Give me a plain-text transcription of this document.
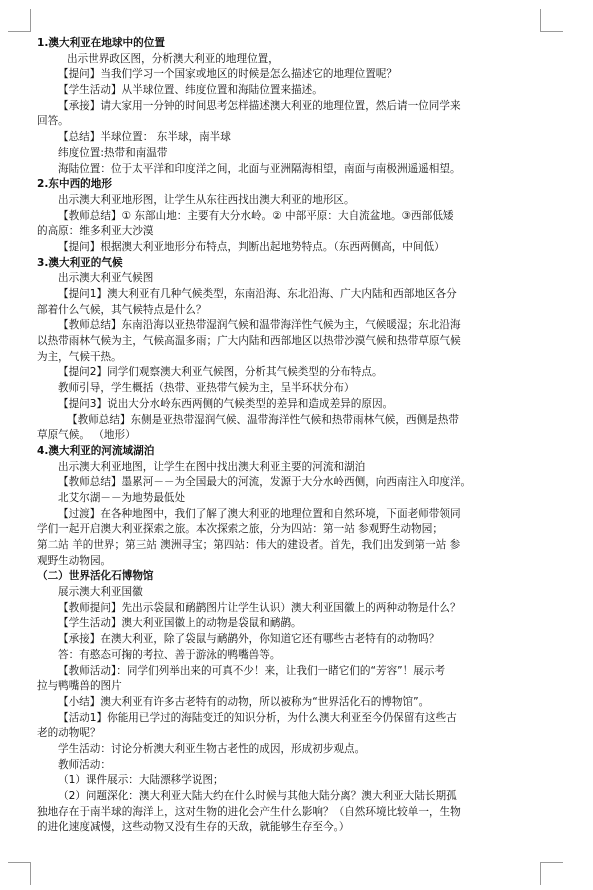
1.澳大利亚在地球中的位置
出示世界政区图，分析澳大利亚的地理位置，
【提问】当我们学习一个国家或地区的时候是怎么描述它的地理位置呢？
【学生活动】从半球位置、纬度位置和海陆位置来描述。
【承接】请大家用一分钟的时间思考怎样描述澳大利亚的地理位置，然后请一位同学来
回答。
【总结】半球位置： 东半球，南半球
纬度位置:热带和南温带
海陆位置：位于太平洋和印度洋之间，北面与亚洲隔海相望，南面与南极洲遥遥相望。
2.东中西的地形
出示澳大利亚地形图，让学生从东往西找出澳大利亚的地形区。
【教师总结】① 东部山地：主要有大分水岭。② 中部平原：大自流盆地。③西部低矮
的高原：维多利亚大沙漠
【提问】根据澳大利亚地形分布特点，判断出起地势特点。（东西两侧高，中间低）
3.澳大利亚的气候
出示澳大利亚气候图
【提问1】澳大利亚有几种气候类型，东南沿海、东北沿海、广大内陆和西部地区各分
部着什么气候，其气候特点是什么？
【教师总结】东南沿海以亚热带湿润气候和温带海洋性气候为主，气候暖湿；东北沿海
以热带雨林气候为主，气候高温多雨；广大内陆和西部地区以热带沙漠气候和热带草原气候
为主，气候干热。
【提问2】同学们观察澳大利亚气候图，分析其气候类型的分布特点。
教师引导，学生概括（热带、亚热带气候为主，呈半环状分布）
【提问3】说出大分水岭东西两侧的气候类型的差异和造成差异的原因。
【教师总结】东侧是亚热带湿润气候、温带海洋性气候和热带雨林气候，西侧是热带
草原气候。 （地形）
4.澳大利亚的河流域湖泊
出示澳大利亚地图，让学生在图中找出澳大利亚主要的河流和湖泊
【教师总结】墨累河－－为全国最大的河流，发源于大分水岭西侧，向西南注入印度洋。
北艾尔湖－－为地势最低处
【过渡】在各种地图中，我们了解了澳大利亚的地理位置和自然环境，下面老师带领同
学们一起开启澳大利亚探索之旅。本次探索之旅，分为四站：第一站 参观野生动物园；
第二站 羊的世界；第三站 澳洲寻宝；第四站：伟大的建设者。首先，我们出发到第一站 参
观野生动物园。
（二）世界活化石博物馆
展示澳大利亚国徽
【教师提问】先出示袋鼠和鸸鹋图片让学生认识）澳大利亚国徽上的两种动物是什么？
【学生活动】澳大利亚国徽上的动物是袋鼠和鸸鹋。
【承接】在澳大利亚，除了袋鼠与鸸鹋外，你知道它还有哪些古老特有的动物吗？
答：有憨态可掬的考拉、善于游泳的鸭嘴兽等。
【教师活动】：同学们列举出来的可真不少！来，让我们一睹它们的“芳容”！展示考
拉与鸭嘴兽的图片
【小结】澳大利亚有许多古老特有的动物，所以被称为“世界活化石的博物馆”。
【活动1】你能用已学过的海陆变迁的知识分析，为什么澳大利亚至今仍保留有这些古
老的动物呢？
学生活动：讨论分析澳大利亚生物古老性的成因，形成初步观点。
教师活动：
（1）课件展示：大陆漂移学说图；
（2）问题深化：澳大利亚大陆大约在什么时候与其他大陆分离？澳大利亚大陆长期孤
独地存在于南半球的海洋上，这对生物的进化会产生什么影响？（自然环境比较单一，生物
的进化速度减慢，这些动物又没有生存的天敌，就能够生存至今。）
